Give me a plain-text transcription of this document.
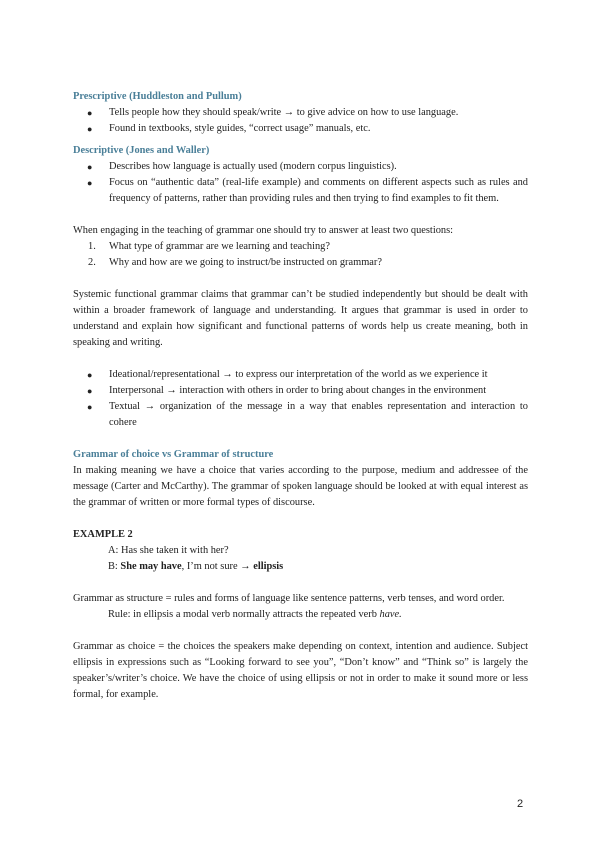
Prescriptive (Huddleston and Pullum)

● Tells people how they should speak/write → to give advice on how to use language.
● Found in textbooks, style guides, “correct usage” manuals, etc.

Descriptive (Jones and Waller)

● Describes how language is actually used (modern corpus linguistics).
● Focus on “authentic data” (real-life example) and comments on different aspects such as rules and frequency of patterns, rather than providing rules and then trying to find examples to fit them.

When engaging in the teaching of grammar one should try to answer at least two questions:

1. What type of grammar are we learning and teaching?
2. Why and how are we going to instruct/be instructed on grammar?

Systemic functional grammar claims that grammar can’t be studied independently but should be dealt with within a broader framework of language and understanding. It argues that grammar is used in order to understand and explain how significant and functional patterns of words help us create meaning, both in speaking and writing.

● Ideational/representational → to express our interpretation of the world as we experience it
● Interpersonal → interaction with others in order to bring about changes in the environment
● Textual → organization of the message in a way that enables representation and interaction to cohere

Grammar of choice vs Grammar of structure

In making meaning we have a choice that varies according to the purpose, medium and addressee of the message (Carter and McCarthy). The grammar of spoken language should be looked at with equal interest as the grammar of written or more formal types of discourse.

EXAMPLE 2

A: Has she taken it with her?

B: She may have, I’m not sure → ellipsis

Grammar as structure = rules and forms of language like sentence patterns, verb tenses, and word order.

Rule: in ellipsis a modal verb normally attracts the repeated verb have.

Grammar as choice = the choices the speakers make depending on context, intention and audience. Subject ellipsis in expressions such as “Looking forward to see you”, “Don’t know” and “Think so” is largely the speaker’s/writer’s choice. We have the choice of using ellipsis or not in order to make it sound more or less formal, for example.

2
